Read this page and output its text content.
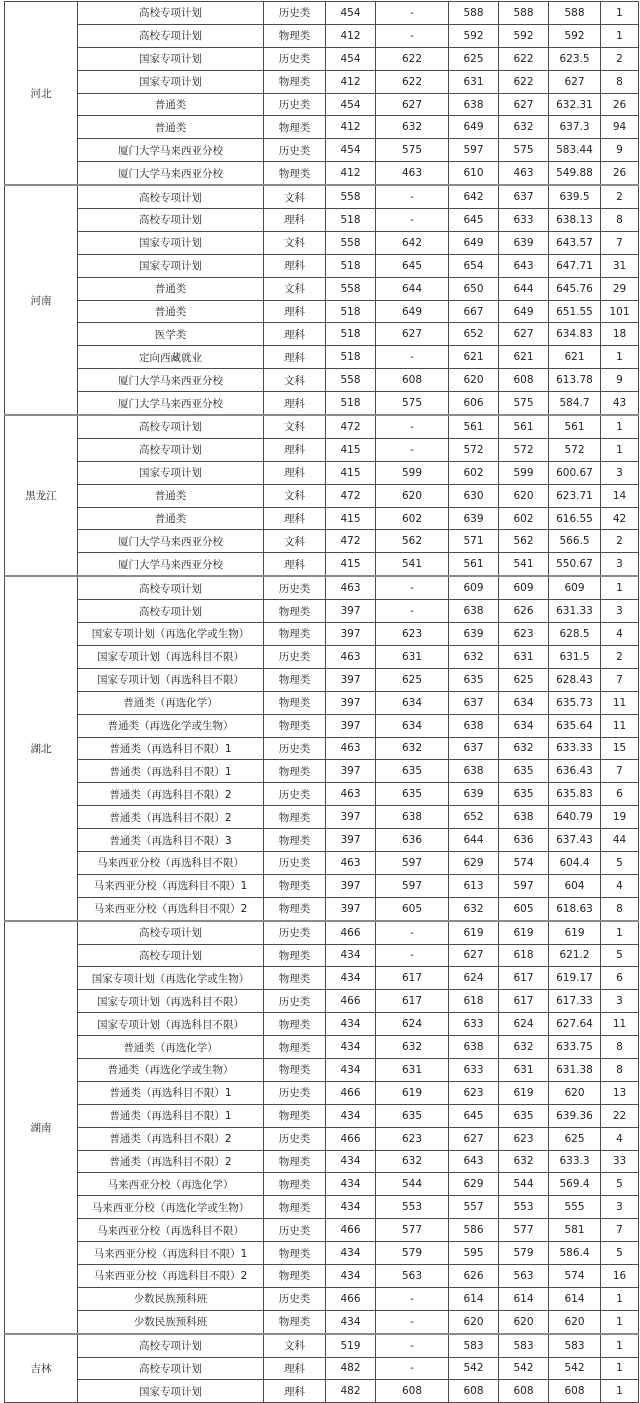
河北	高校专项计划	历史类	454	-	588	588	588	1
	高校专项计划	物理类	412	-	592	592	592	1
	国家专项计划	历史类	454	622	625	622	623.5	2
	国家专项计划	物理类	412	622	631	622	627	8
	普通类	历史类	454	627	638	627	632.31	26
	普通类	物理类	412	632	649	632	637.3	94
	厦门大学马来西亚分校	历史类	454	575	597	575	583.44	9
	厦门大学马来西亚分校	物理类	412	463	610	463	549.88	26
河南	高校专项计划	文科	558	-	642	637	639.5	2
	高校专项计划	理科	518	-	645	633	638.13	8
	国家专项计划	文科	558	642	649	639	643.57	7
	国家专项计划	理科	518	645	654	643	647.71	31
	普通类	文科	558	644	650	644	645.76	29
	普通类	理科	518	649	667	649	651.55	101
	医学类	理科	518	627	652	627	634.83	18
	定向西藏就业	理科	518	-	621	621	621	1
	厦门大学马来西亚分校	文科	558	608	620	608	613.78	9
	厦门大学马来西亚分校	理科	518	575	606	575	584.7	43
黑龙江	高校专项计划	文科	472	-	561	561	561	1
	高校专项计划	理科	415	-	572	572	572	1
	国家专项计划	理科	415	599	602	599	600.67	3
	普通类	文科	472	620	630	620	623.71	14
	普通类	理科	415	602	639	602	616.55	42
	厦门大学马来西亚分校	文科	472	562	571	562	566.5	2
	厦门大学马来西亚分校	理科	415	541	561	541	550.67	3
湖北	高校专项计划	历史类	463	-	609	609	609	1
	高校专项计划	物理类	397	-	638	626	631.33	3
	国家专项计划（再选化学或生物）	物理类	397	623	639	623	628.5	4
	国家专项计划（再选科目不限）	历史类	463	631	632	631	631.5	2
	国家专项计划（再选科目不限）	物理类	397	625	635	625	628.43	7
	普通类（再选化学）	物理类	397	634	637	634	635.73	11
	普通类（再选化学或生物）	物理类	397	634	638	634	635.64	11
	普通类（再选科目不限）1	历史类	463	632	637	632	633.33	15
	普通类（再选科目不限）1	物理类	397	635	638	635	636.43	7
	普通类（再选科目不限）2	历史类	463	635	639	635	635.83	6
	普通类（再选科目不限）2	物理类	397	638	652	638	640.79	19
	普通类（再选科目不限）3	物理类	397	636	644	636	637.43	44
	马来西亚分校（再选科目不限）	历史类	463	597	629	574	604.4	5
	马来西亚分校（再选科目不限）1	物理类	397	597	613	597	604	4
	马来西亚分校（再选科目不限）2	物理类	397	605	632	605	618.63	8
湖南	高校专项计划	历史类	466	-	619	619	619	1
	高校专项计划	物理类	434	-	627	618	621.2	5
	国家专项计划（再选化学或生物）	物理类	434	617	624	617	619.17	6
	国家专项计划（再选科目不限）	历史类	466	617	618	617	617.33	3
	国家专项计划（再选科目不限）	物理类	434	624	633	624	627.64	11
	普通类（再选化学）	物理类	434	632	638	632	633.75	8
	普通类（再选化学或生物）	物理类	434	631	633	631	631.38	8
	普通类（再选科目不限）1	历史类	466	619	623	619	620	13
	普通类（再选科目不限）1	物理类	434	635	645	635	639.36	22
	普通类（再选科目不限）2	历史类	466	623	627	623	625	4
	普通类（再选科目不限）2	物理类	434	632	643	632	633.3	33
	马来西亚分校（再选化学）	物理类	434	544	629	544	569.4	5
	马来西亚分校（再选化学或生物）	物理类	434	553	557	553	555	3
	马来西亚分校（再选科目不限）	历史类	466	577	586	577	581	7
	马来西亚分校（再选科目不限）1	物理类	434	579	595	579	586.4	5
	马来西亚分校（再选科目不限）2	物理类	434	563	626	563	574	16
	少数民族预科班	历史类	466	-	614	614	614	1
	少数民族预科班	物理类	434	-	620	620	620	1
吉林	高校专项计划	文科	519	-	583	583	583	1
	高校专项计划	理科	482	-	542	542	542	1
	国家专项计划	理科	482	608	608	608	608	1
